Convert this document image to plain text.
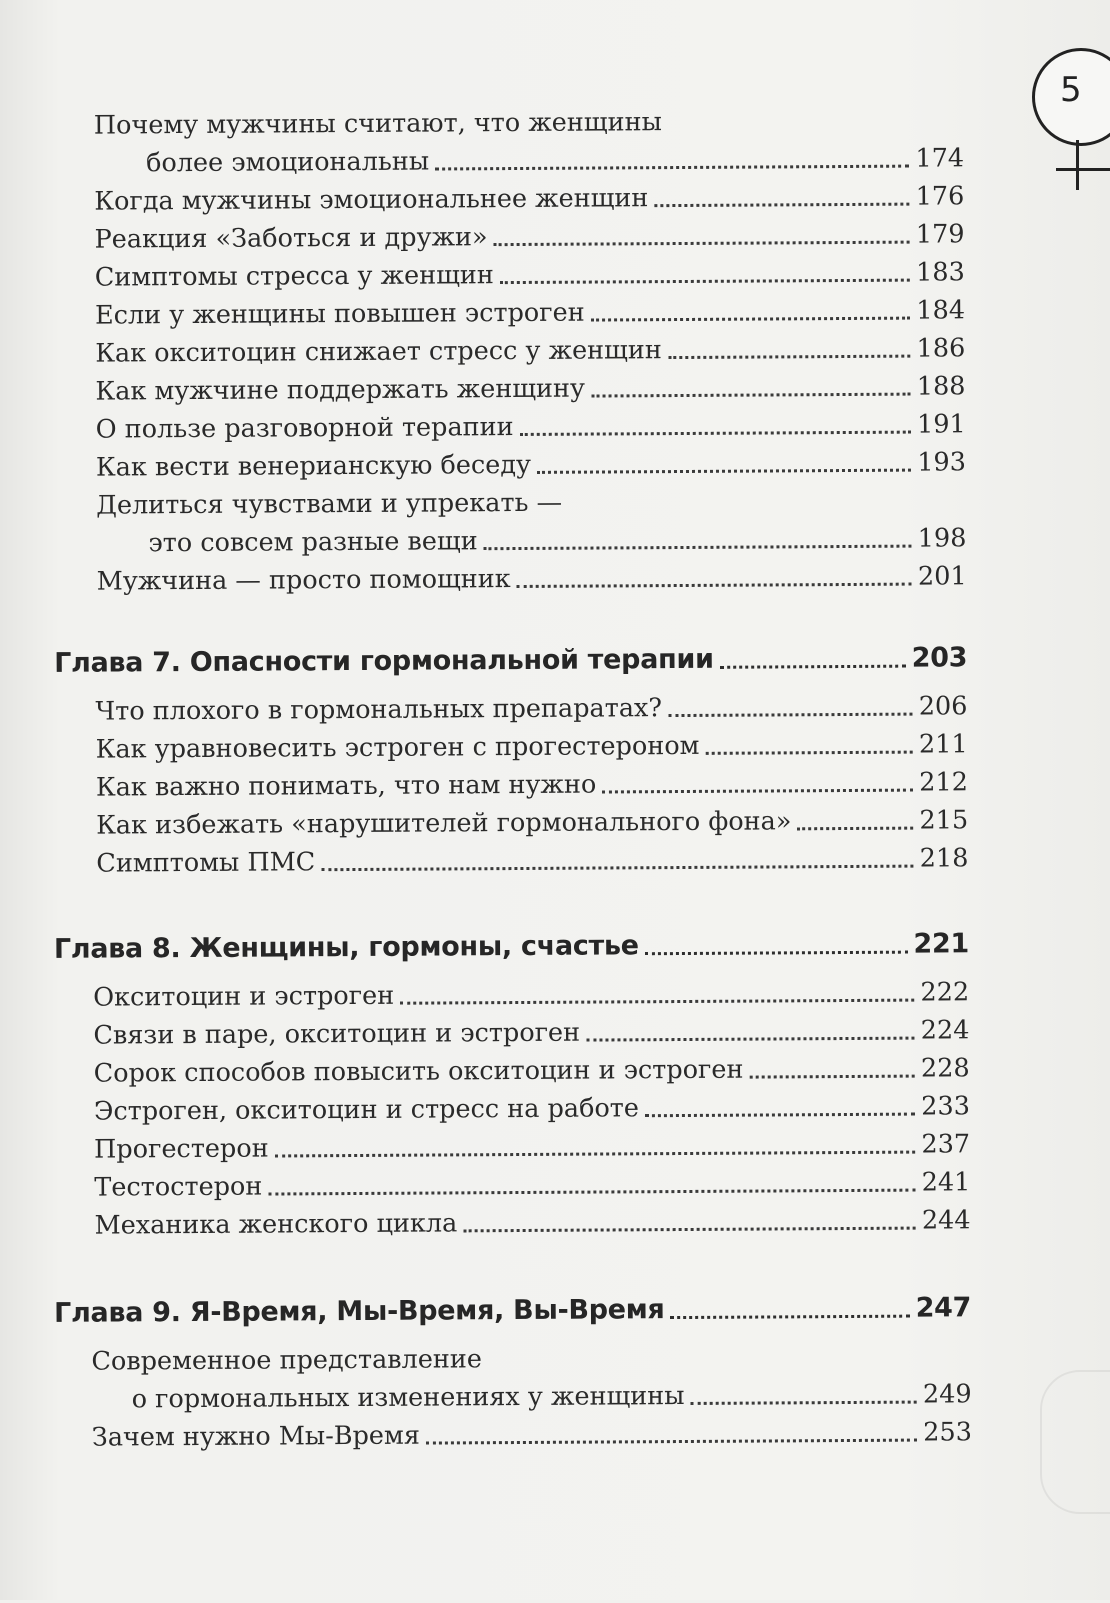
Почему мужчины считают, что женщины
более эмоциональны	174
Когда мужчины эмоциональнее женщин	176
Реакция «Заботься и дружи»	179
Симптомы стресса у женщин	183
Если у женщины повышен эстроген	184
Как окситоцин снижает стресс у женщин	186
Как мужчине поддержать женщину	188
О пользе разговорной терапии	191
Как вести венерианскую беседу	193
Делиться чувствами и упрекать —
это совсем разные вещи	198
Мужчина — просто помощник	201
Глава 7. Опасности гормональной терапии	203
Что плохого в гормональных препаратах?	206
Как уравновесить эстроген с прогестероном	211
Как важно понимать, что нам нужно	212
Как избежать «нарушителей гормонального фона»	215
Симптомы ПМС	218
Глава 8. Женщины, гормоны, счастье	221
Окситоцин и эстроген	222
Связи в паре, окситоцин и эстроген	224
Сорок способов повысить окситоцин и эстроген	228
Эстроген, окситоцин и стресс на работе	233
Прогестерон	237
Тестостерон	241
Механика женского цикла	244
Глава 9. Я-Время, Мы-Время, Вы-Время	247
Современное представление
о гормональных изменениях у женщины	249
Зачем нужно Мы-Время	253
5
